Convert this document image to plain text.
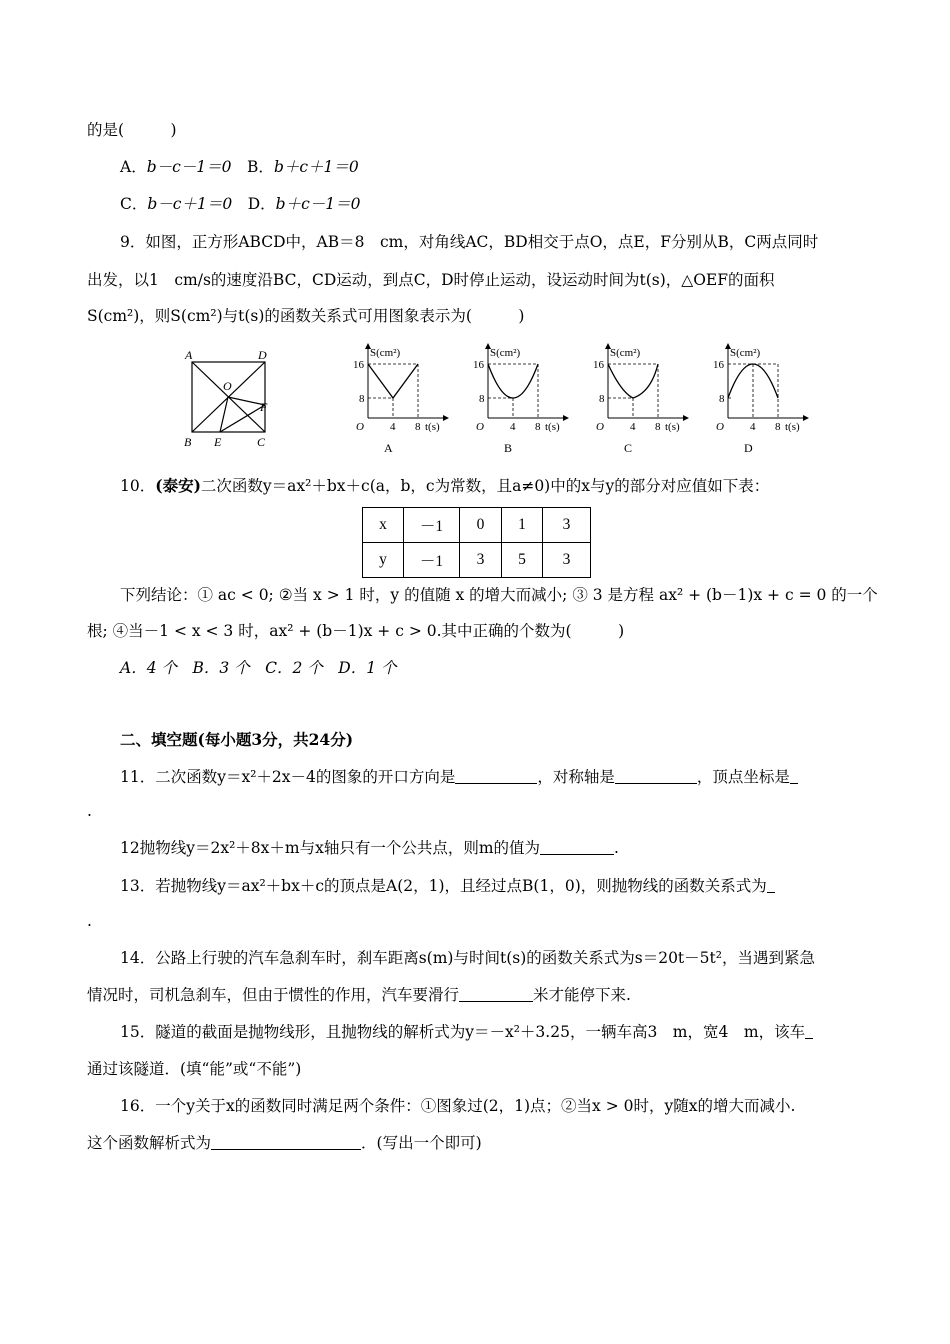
的是(　　　)
A．b－c－1＝0　 B．b＋c＋1＝0
C．b－c＋1＝0　 D．b＋c－1＝0
9．如图，正方形ABCD中，AB＝8　cm，对角线AC，BD相交于点O，点E，F分别从B，C两点同时
出发，以1　cm/s的速度沿BC，CD运动，到点C，D时停止运动，设运动时间为t(s)，△OEF的面积
S(cm²)，则S(cm²)与t(s)的函数关系式可用图象表示为(　　　)
A	D
O
F
B E	C
S(cm²)
16
8
O 4 8 t(s)
A
S(cm²)
16
8
O 4 8 t(s)
B
S(cm²)
16
8
O 4 8 t(s)
C
S(cm²)
16
8
O 4 8 t(s)
D
10．(泰安)二次函数y＝ax²＋bx＋c(a，b，c为常数，且a≠0)中的x与y的部分对应值如下表：
x	－1	0	1	3
y	－1	3	5	3
下列结论：① ac < 0; ②当 x > 1 时，y 的值随 x 的增大而减小; ③ 3 是方程 ax² + (b－1)x + c = 0 的一个
根; ④当－1 < x < 3 时，ax² + (b－1)x + c > 0.其中正确的个数为(　　　)
A．4 个　B．3 个　C．2 个　D．1 个
二、填空题(每小题3分，共24分)
11．二次函数y＝x²＋2x－4的图象的开口方向是	，对称轴是	，顶点坐标是
.
12抛物线y＝2x²＋8x＋m与x轴只有一个公共点，则m的值为	.
13．若抛物线y＝ax²＋bx＋c的顶点是A(2，1)，且经过点B(1，0)，则抛物线的函数关系式为
.
14．公路上行驶的汽车急刹车时，刹车距离s(m)与时间t(s)的函数关系式为s＝20t－5t²，当遇到紧急
情况时，司机急刹车，但由于惯性的作用，汽车要滑行	米才能停下来.
15．隧道的截面是抛物线形，且抛物线的解析式为y＝－x²＋3.25，一辆车高3　m，宽4　m，该车
通过该隧道．(填“能”或“不能”)
16．一个y关于x的函数同时满足两个条件：①图象过(2，1)点；②当x > 0时，y随x的增大而减小.
这个函数解析式为	．(写出一个即可)
